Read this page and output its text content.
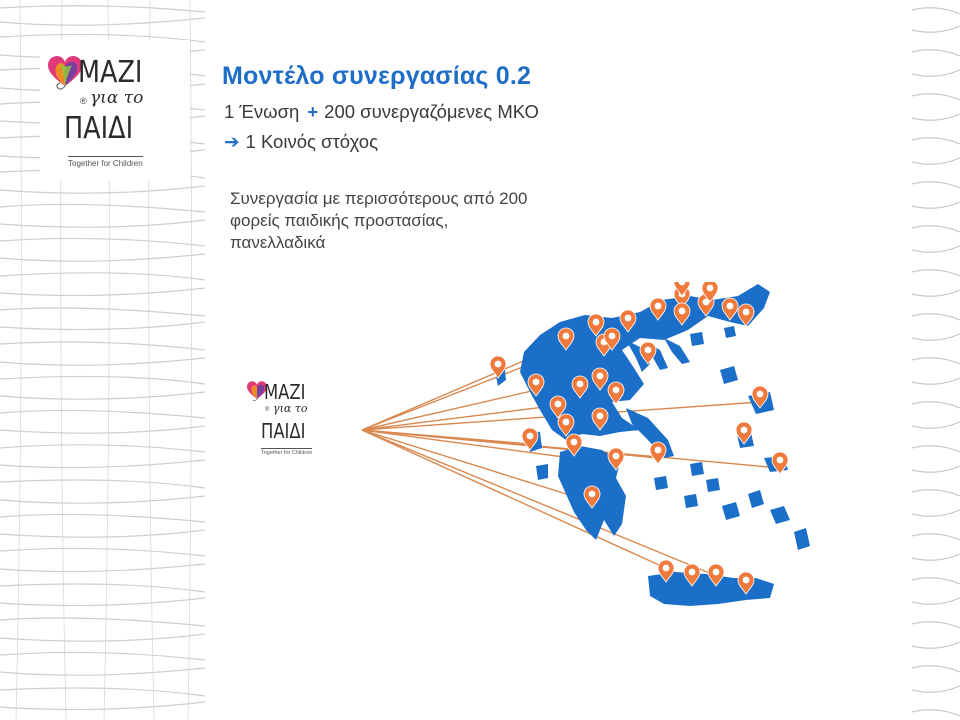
ΜΑΖΙ
® για το
ΠΑΙΔΙ
Together for Children
Μοντέλο συνεργασίας 0.2
1 Ένωση + 200 συνεργαζόμενες ΜΚΟ
➔ 1 Κοινός στόχος

Συνεργασία με περισσότερους από 200
φορείς παιδικής προστασίας,
πανελλαδικά

ΜΑΖΙ
® για το
ΠΑΙΔΙ
Together for Children
